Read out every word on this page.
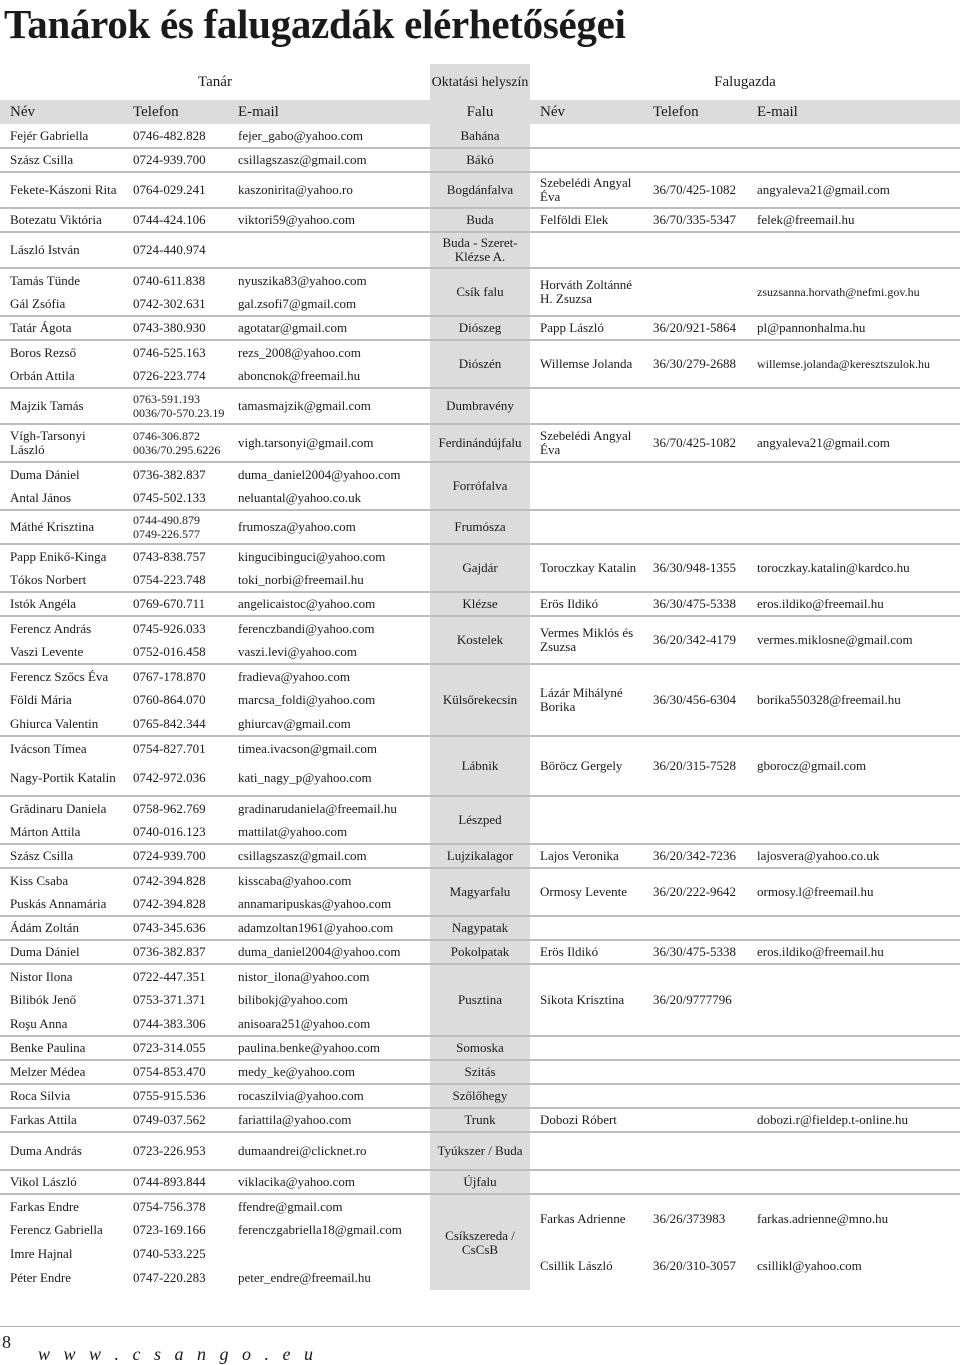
Tanárok és falugazdák elérhetőségei
Tanár			Oktatási helyszín	Falugazda		
Név	Telefon	E-mail	Falu	Név	Telefon	E-mail
Fejér Gabriella	0746-482.828	fejer_gabo@yahoo.com	Bahána			
Szász Csilla	0724-939.700	csillagszasz@gmail.com	Bákó			
Fekete-Kászoni Rita	0764-029.241	kaszonirita@yahoo.ro	Bogdánfalva	Szebelédi Angyal Éva	36/70/425-1082	angyaleva21@gmail.com
Botezatu Viktória	0744-424.106	viktori59@yahoo.com	Buda	Felföldi Elek	36/70/335-5347	felek@freemail.hu
László István	0724-440.974		Buda - Szeret-Klézse A.			
Tamás Tünde	0740-611.838	nyuszika83@yahoo.com	Csík falu	Horváth Zoltánné H. Zsuzsa		zsuzsanna.horvath@nefmi.gov.hu
Gál Zsófia	0742-302.631	gal.zsofi7@gmail.com				
Tatár Ágota	0743-380.930	agotatar@gmail.com	Diószeg	Papp László	36/20/921-5864	pl@pannonhalma.hu
Boros Rezső	0746-525.163	rezs_2008@yahoo.com	Diószén	Willemse Jolanda	36/30/279-2688	willemse.jolanda@keresztszulok.hu
Orbán Attila	0726-223.774	aboncnok@freemail.hu				
Majzik Tamás	0763-591.193 0036/70-570.23.19	tamasmajzik@gmail.com	Dumbravény			
Vígh-Tarsonyi László	0746-306.872 0036/70.295.6226	vigh.tarsonyi@gmail.com	Ferdinándújfalu	Szebelédi Angyal Éva	36/70/425-1082	angyaleva21@gmail.com
Duma Dániel	0736-382.837	duma_daniel2004@yahoo.com	Forrófalva			
Antal János	0745-502.133	neluantal@yahoo.co.uk				
Máthé Krisztina	0744-490.879 0749-226.577	frumosza@yahoo.com	Frumósza			
Papp Enikő-Kinga	0743-838.757	kingucibinguci@yahoo.com	Gajdár	Toroczkay Katalin	36/30/948-1355	toroczkay.katalin@kardco.hu
Tókos Norbert	0754-223.748	toki_norbi@freemail.hu				
Istók Angéla	0769-670.711	angelicaistoc@yahoo.com	Klézse	Erös Ildikó	36/30/475-5338	eros.ildiko@freemail.hu
Ferencz András	0745-926.033	ferenczbandi@yahoo.com	Kostelek	Vermes Miklós és Zsuzsa	36/20/342-4179	vermes.miklosne@gmail.com
Vaszi Levente	0752-016.458	vaszi.levi@yahoo.com				
Ferencz Szőcs Éva	0767-178.870	fradieva@yahoo.com	Külsőrekecsin	Lázár Mihályné Borika	36/30/456-6304	borika550328@freemail.hu
Földi Mária	0760-864.070	marcsa_foldi@yahoo.com				
Ghiurca Valentin	0765-842.344	ghiurcav@gmail.com				
Ivácson Tímea	0754-827.701	timea.ivacson@gmail.com	Lábnik	Böröcz Gergely	36/20/315-7528	gborocz@gmail.com
Nagy-Portik Katalin	0742-972.036	kati_nagy_p@yahoo.com				
Grădinaru Daniela	0758-962.769	gradinarudaniela@freemail.hu	Lészped			
Márton Attila	0740-016.123	mattilat@yahoo.com				
Szász Csilla	0724-939.700	csillagszasz@gmail.com	Lujzikalagor	Lajos Veronika	36/20/342-7236	lajosvera@yahoo.co.uk
Kiss Csaba	0742-394.828	kisscaba@yahoo.com	Magyarfalu	Ormosy Levente	36/20/222-9642	ormosy.l@freemail.hu
Puskás Annamária	0742-394.828	annamaripuskas@yahoo.com				
Ádám Zoltán	0743-345.636	adamzoltan1961@yahoo.com	Nagypatak			
Duma Dániel	0736-382.837	duma_daniel2004@yahoo.com	Pokolpatak	Erös Ildikó	36/30/475-5338	eros.ildiko@freemail.hu
Nistor Ilona	0722-447.351	nistor_ilona@yahoo.com	Pusztina	Sikota Krisztina	36/20/9777796	
Bilibók Jenő	0753-371.371	bilibokj@yahoo.com				
Roşu Anna	0744-383.306	anisoara251@yahoo.com				
Benke Paulina	0723-314.055	paulina.benke@yahoo.com	Somoska			
Melzer Médea	0754-853.470	medy_ke@yahoo.com	Szitás			
Roca Silvia	0755-915.536	rocaszilvia@yahoo.com	Szőlőhegy			
Farkas Attila	0749-037.562	fariattila@yahoo.com	Trunk	Dobozi Róbert		dobozi.r@fieldep.t-online.hu
Duma András	0723-226.953	dumaandrei@clicknet.ro	Tyúkszer / Buda			
Vikol László	0744-893.844	viklacika@yahoo.com	Újfalu			
Farkas Endre	0754-756.378	ffendre@gmail.com	Csíkszereda / CsCsB	Farkas Adrienne	36/26/373983	farkas.adrienne@mno.hu
Ferencz Gabriella	0723-169.166	ferenczgabriella18@gmail.com				
Imre Hajnal	0740-533.225			Csillik László	36/20/310-3057	csillikl@yahoo.com
Péter Endre	0747-220.283	peter_endre@freemail.hu				
8
w w w . c s a n g o . e u
